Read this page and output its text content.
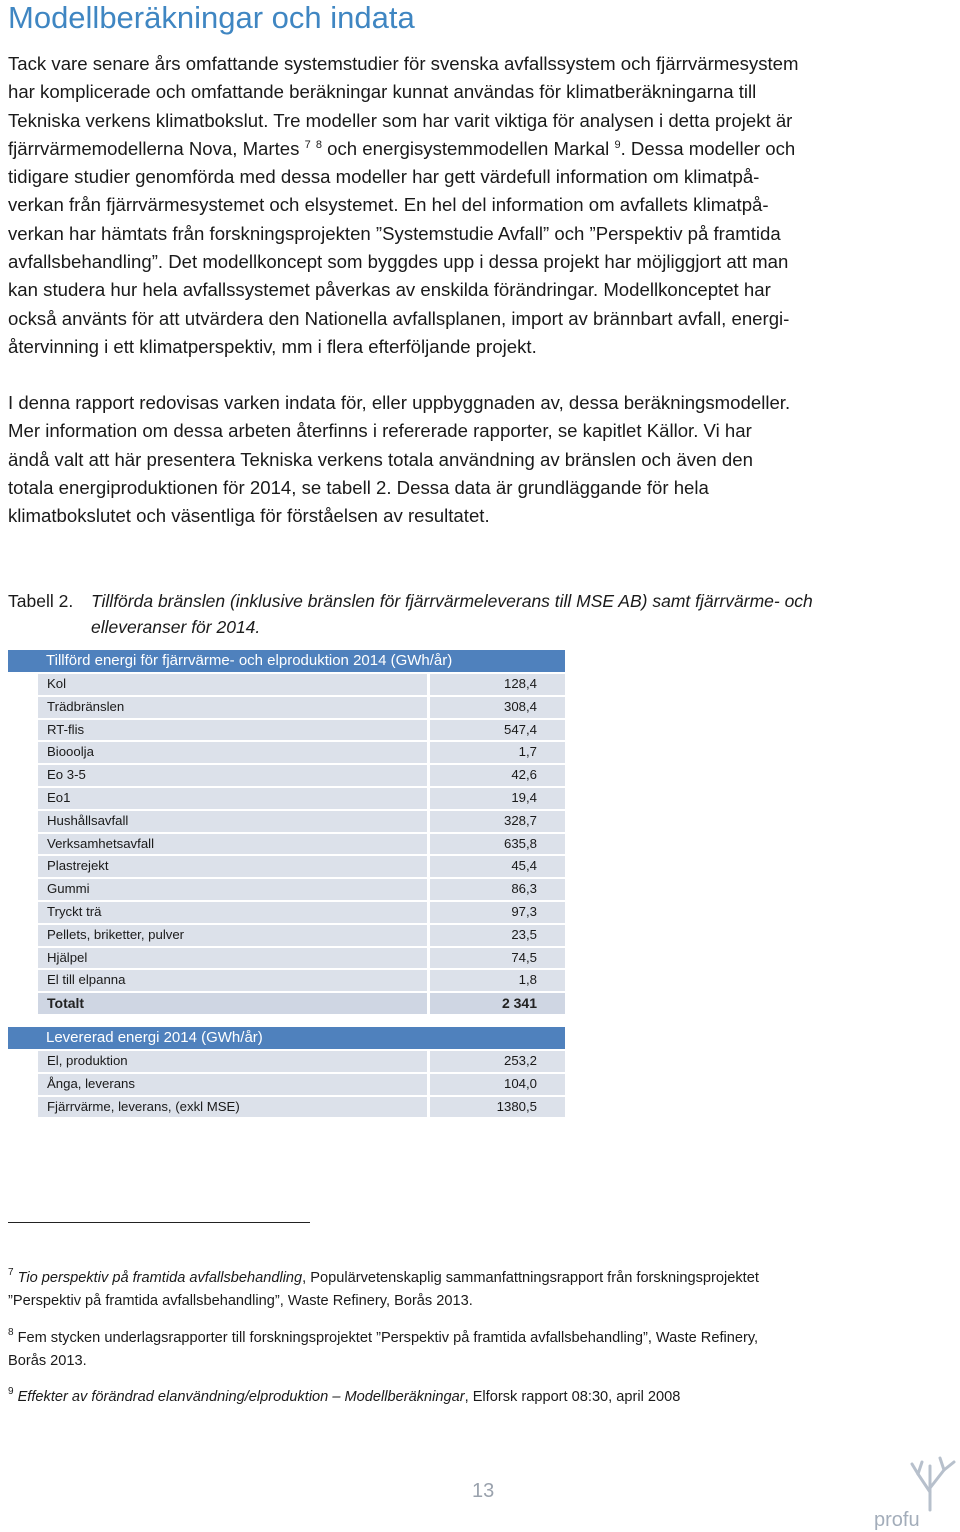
Modellberäkningar och indata
Tack vare senare års omfattande systemstudier för svenska avfallssystem och fjärrvärmesystem
har komplicerade och omfattande beräkningar kunnat användas för klimatberäkningarna till
Tekniska verkens klimatbokslut. Tre modeller som har varit viktiga för analysen i detta projekt är
fjärrvärmemodellerna Nova, Martes $^7$ $^8$ och energisystemmodellen Markal $^9$. Dessa modeller och
tidigare studier genomförda med dessa modeller har gett värdefull information om klimatpå-
verkan från fjärrvärmesystemet och elsystemet. En hel del information om avfallets klimatpå-
verkan har hämtats från forskningsprojekten ”Systemstudie Avfall” och ”Perspektiv på framtida
avfallsbehandling”. Det modellkoncept som byggdes upp i dessa projekt har möjliggjort att man
kan studera hur hela avfallssystemet påverkas av enskilda förändringar. Modellkonceptet har
också använts för att utvärdera den Nationella avfallsplanen, import av brännbart avfall, energi-
återvinning i ett klimatperspektiv, mm i flera efterföljande projekt.
I denna rapport redovisas varken indata för, eller uppbyggnaden av, dessa beräkningsmodeller.
Mer information om dessa arbeten återfinns i refererade rapporter, se kapitlet Källor. Vi har
ändå valt att här presentera Tekniska verkens totala användning av bränslen och även den
totala energiproduktionen för 2014, se tabell 2. Dessa data är grundläggande för hela
klimatbokslutet och väsentliga för förståelsen av resultatet.
Tabell 2. Tillförda bränslen (inklusive bränslen för fjärrvärmeleverans till MSE AB) samt fjärrvärme- och
elleveranser för 2014.
Tillförd energi för fjärrvärme- och elproduktion 2014 (GWh/år)
Kol	128,4
Trädbränslen	308,4
RT-flis	547,4
Biooolja	1,7
Eo 3-5	42,6
Eo1	19,4
Hushållsavfall	328,7
Verksamhetsavfall	635,8
Plastrejekt	45,4
Gummi	86,3
Tryckt trä	97,3
Pellets, briketter, pulver	23,5
Hjälpel	74,5
El till elpanna	1,8
Totalt	2 341
Levererad energi 2014 (GWh/år)
El, produktion	253,2
Ånga, leverans	104,0
Fjärrvärme, leverans, (exkl MSE)	1380,5
$^7$ Tio perspektiv på framtida avfallsbehandling, Populärvetenskaplig sammanfattningsrapport från forskningsprojektet
”Perspektiv på framtida avfallsbehandling”, Waste Refinery, Borås 2013.
$^8$ Fem stycken underlagsrapporter till forskningsprojektet ”Perspektiv på framtida avfallsbehandling”, Waste Refinery,
Borås 2013.
$^9$ Effekter av förändrad elanvändning/elproduktion – Modellberäkningar, Elforsk rapport 08:30, april 2008
13
profu
